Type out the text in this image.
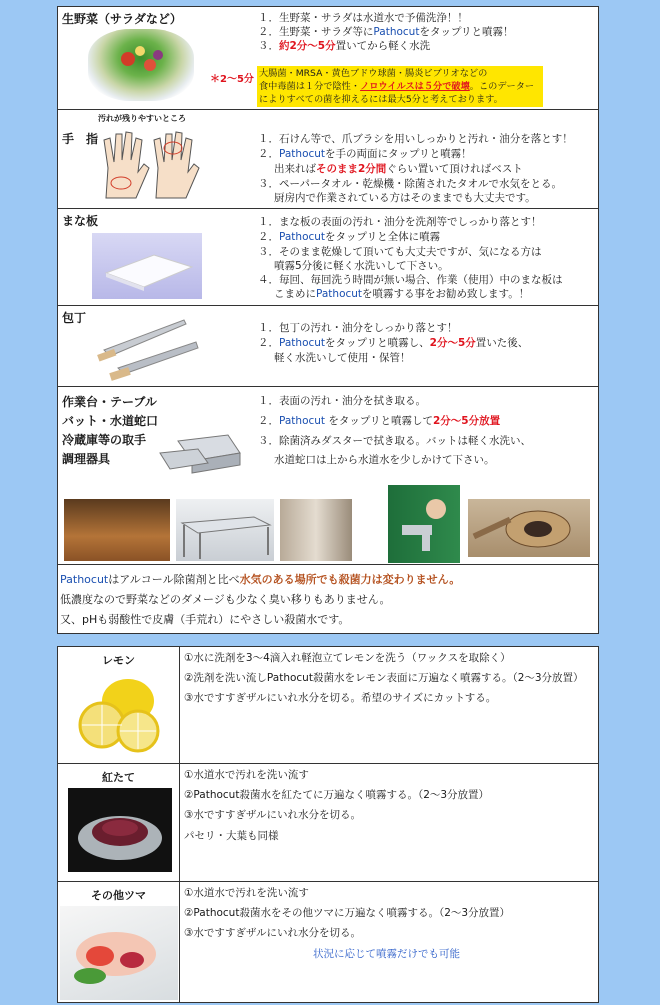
生野菜（サラダなど）	１．生野菜・サラダは水道水で予備洗浄！！
２．生野菜・サラダ等にPathocutをタップリと噴霧！
３．約2分～5分置いてから軽く水洗
＊2～5分
大腸菌・MRSA・黄色ブドウ球菌・腸炎ビブリオなどの
食中毒菌は１分で陰性・ノロウイルスは５分で破壊。このデーター
によりすべての菌を抑えるには最大5分と考えております。
汚れが残りやすいところ
手　指	１．石けん等で、爪ブラシを用いしっかりと汚れ・油分を落とす！
２．Pathocutを手の両面にタップリと噴霧！
出来ればそのまま2分間ぐらい置いて頂ければベスト
３．ペーパータオル・乾燥機・除菌されたタオルで水気をとる。
厨房内で作業されている方はそのままでも大丈夫です。
まな板	１．まな板の表面の汚れ・油分を洗剤等でしっかり落とす！
２．Pathocutをタップリと全体に噴霧
３．そのまま乾燥して頂いても大丈夫ですが、気になる方は
噴霧5分後に軽く水洗いして下さい。
４．毎回、毎回洗う時間が無い場合、作業（使用）中のまな板は
こまめにPathocutを噴霧する事をお勧め致します。！
包丁
１．包丁の汚れ・油分をしっかり落とす！
２．Pathocutをタップリと噴霧し、2分～5分置いた後、
軽く水洗いして使用・保管！
作業台・テーブル
バット・水道蛇口
冷蔵庫等の取手
調理器具
１．表面の汚れ・油分を拭き取る。
２．Pathocut をタップリと噴霧して2分～5分放置
３．除菌済みダスターで拭き取る。バットは軽く水洗い、
水道蛇口は上から水道水を少しかけて下さい。
Pathocutはアルコール除菌剤と比べ水気のある場所でも殺菌力は変わりません。
低濃度なので野菜などのダメージも少なく臭い移りもありません。
又、pHも弱酸性で皮膚（手荒れ）にやさしい殺菌水です。
レモン	①水に洗剤を3～4滴入れ軽泡立てレモンを洗う（ワックスを取除く）
②洗剤を洗い流しPathocut殺菌水をレモン表面に万遍なく噴霧する。（2～3分放置）
③水ですすぎザルにいれ水分を切る。希望のサイズにカットする。
紅たて	①水道水で汚れを洗い流す
②Pathocut殺菌水を紅たてに万遍なく噴霧する。（2～3分放置）
③水ですすぎザルにいれ水分を切る。
パセリ・大葉も同様
その他ツマ	①水道水で汚れを洗い流す
②Pathocut殺菌水をその他ツマに万遍なく噴霧する。（2～3分放置）
③水ですすぎザルにいれ水分を切る。
状況に応じて噴霧だけでも可能
